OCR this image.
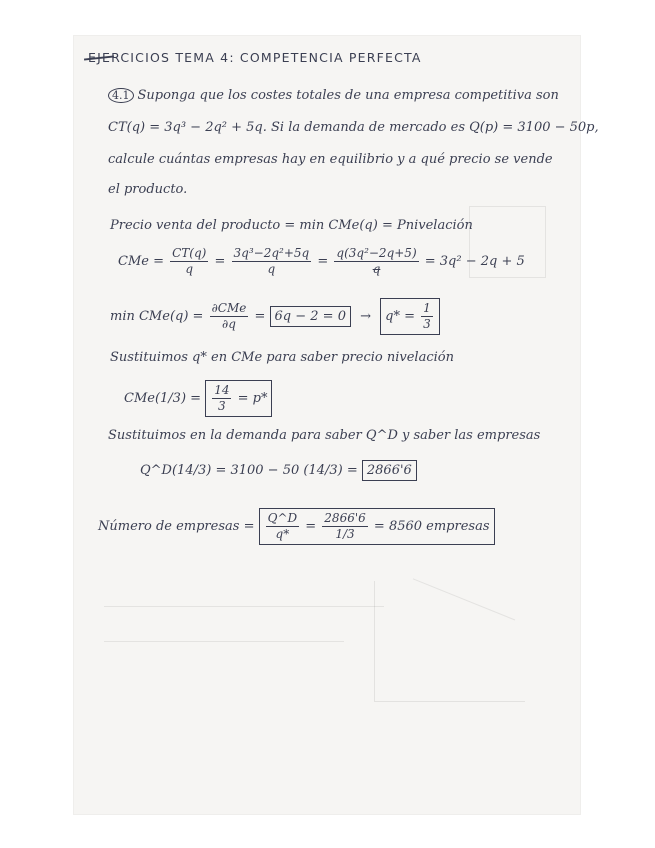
EJERCICIOS TEMA 4: COMPETENCIA PERFECTA
4.1 Suponga que los costes totales de una empresa competitiva son
CT(q) = 3q³ − 2q² + 5q. Si la demanda de mercado es Q(p) = 3100 − 50p,
calcule cuántas empresas hay en equilibrio y a qué precio se vende
el producto.
Precio venta del producto = min CMe(q) = Pnivelación
CMe = $\frac{CT(q)}{q} = \frac{\text{3q³−2q²+5q}}{q} = \frac{\text{q(3q²−2q+5)}}{q} = 3q^2 - 2q + 5$
$\min CMe(q) = \frac{\text{∂CMe}}{\partial q} = 6q - 2 = 0 \to q* = \frac{1}{3}$
Sustituimos q* en CMe para saber precio nivelación
$CMe(1/3) = \frac{14}{3} = p*$
Sustituimos en la demanda para saber Q^D y saber las empresas
Q^D(14/3) = 3100 − 50 (14/3) = 2866'6
Número de empresas = $\frac{Q\^{}D}{q*} = \frac{2866'6}{1/3} = 8560$ empresas
